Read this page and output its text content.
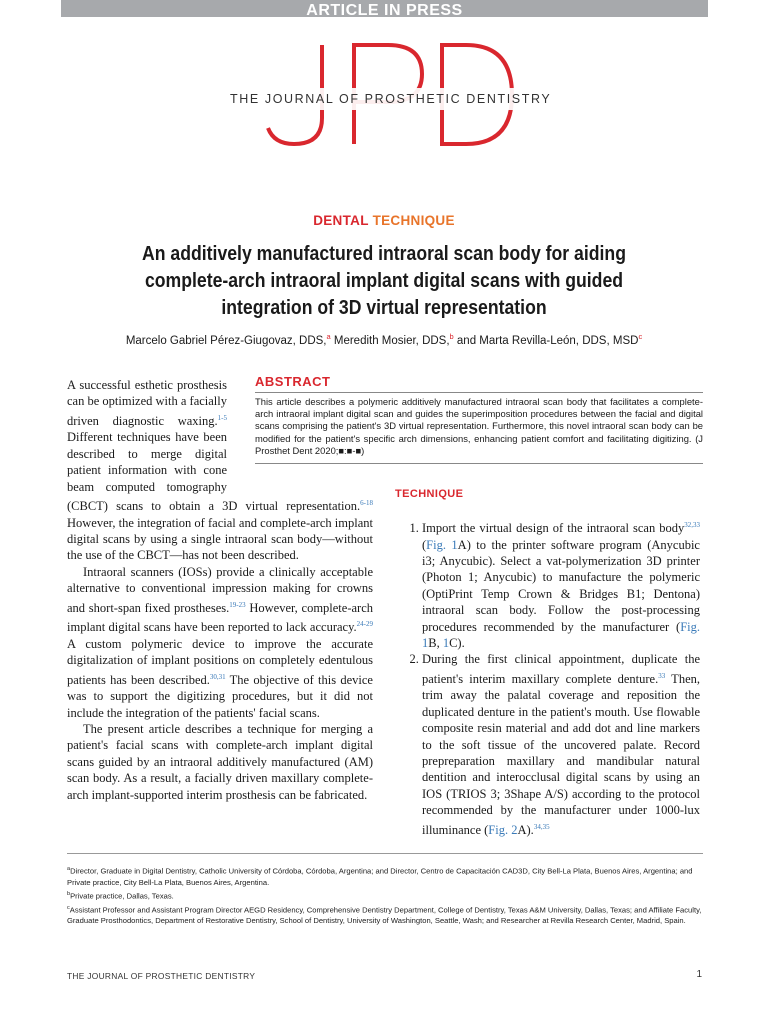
ARTICLE IN PRESS
THE JOURNAL OF PROSTHETIC DENTISTRY
DENTAL TECHNIQUE
An additively manufactured intraoral scan body for aiding complete-arch intraoral implant digital scans with guided integration of 3D virtual representation
Marcelo Gabriel Pérez-Giugovaz, DDS,$^a$ Meredith Mosier, DDS,$^b$ and Marta Revilla-León, DDS, MSD$^c$

A successful esthetic prosthesis can be optimized with a facially driven diagnostic waxing.$^{1-5}$ Different techniques have been described to merge digital patient information with cone beam computed tomography (CBCT) scans to obtain a 3D virtual representation.$^{6-18}$ However, the integration of facial and complete-arch implant digital scans by using a single intraoral scan body—without the use of the CBCT—has not been described.

Intraoral scanners (IOSs) provide a clinically acceptable alternative to conventional impression making for crowns and short-span fixed prostheses.$^{19-23}$ However, complete-arch implant digital scans have been reported to lack accuracy.$^{24-29}$ A custom polymeric device to improve the accurate digitalization of implant positions on completely edentulous patients has been described.$^{30,31}$ The objective of this device was to support the digitizing procedures, but it did not include the integration of the patients' facial scans.

The present article describes a technique for merging a patient's facial scans with complete-arch implant digital scans guided by an intraoral additively manufactured (AM) scan body. As a result, a facially driven maxillary complete-arch implant-supported interim prosthesis can be fabricated.

ABSTRACT
This article describes a polymeric additively manufactured intraoral scan body that facilitates a complete-arch intraoral implant digital scan and guides the superimposition procedures between the facial and digital scans comprising the patient's 3D virtual representation. Furthermore, this novel intraoral scan body can be modified for the patient's specific arch dimensions, enhancing patient comfort and facilitating digitizing. (J Prosthet Dent 2020;■:■-■)
TECHNIQUE
1. Import the virtual design of the intraoral scan body$^{32,33}$ (Fig. 1A) to the printer software program (Anycubic i3; Anycubic). Select a vat-polymerization 3D printer (Photon 1; Anycubic) to manufacture the polymeric (OptiPrint Temp Crown & Bridges B1; Dentona) intraoral scan body. Follow the post-processing procedures recommended by the manufacturer (Fig. 1B, 1C).
2. During the first clinical appointment, duplicate the patient's interim maxillary complete denture.$^{33}$ Then, trim away the palatal coverage and reposition the duplicated denture in the patient's mouth. Use flowable composite resin material and add dot and line markers to the soft tissue of the uncovered palate. Record prepreparation maxillary and mandibular natural dentition and interocclusal digital scans by using an IOS (TRIOS 3; 3Shape A/S) according to the protocol recommended by the manufacturer under 1000-lux illuminance (Fig. 2A).$^{34,35}$

$^a$Director, Graduate in Digital Dentistry, Catholic University of Córdoba, Córdoba, Argentina; and Director, Centro de Capacitación CAD3D, City Bell-La Plata, Buenos Aires, Argentina; and Private practice, City Bell-La Plata, Buenos Aires, Argentina.

$^b$Private practice, Dallas, Texas.

$^c$Assistant Professor and Assistant Program Director AEGD Residency, Comprehensive Dentistry Department, College of Dentistry, Texas A&M University, Dallas, Texas; and Affiliate Faculty, Graduate Prosthodontics, Department of Restorative Dentistry, School of Dentistry, University of Washington, Seattle, Wash; and Researcher at Revilla Research Center, Madrid, Spain.

THE JOURNAL OF PROSTHETIC DENTISTRY	1
